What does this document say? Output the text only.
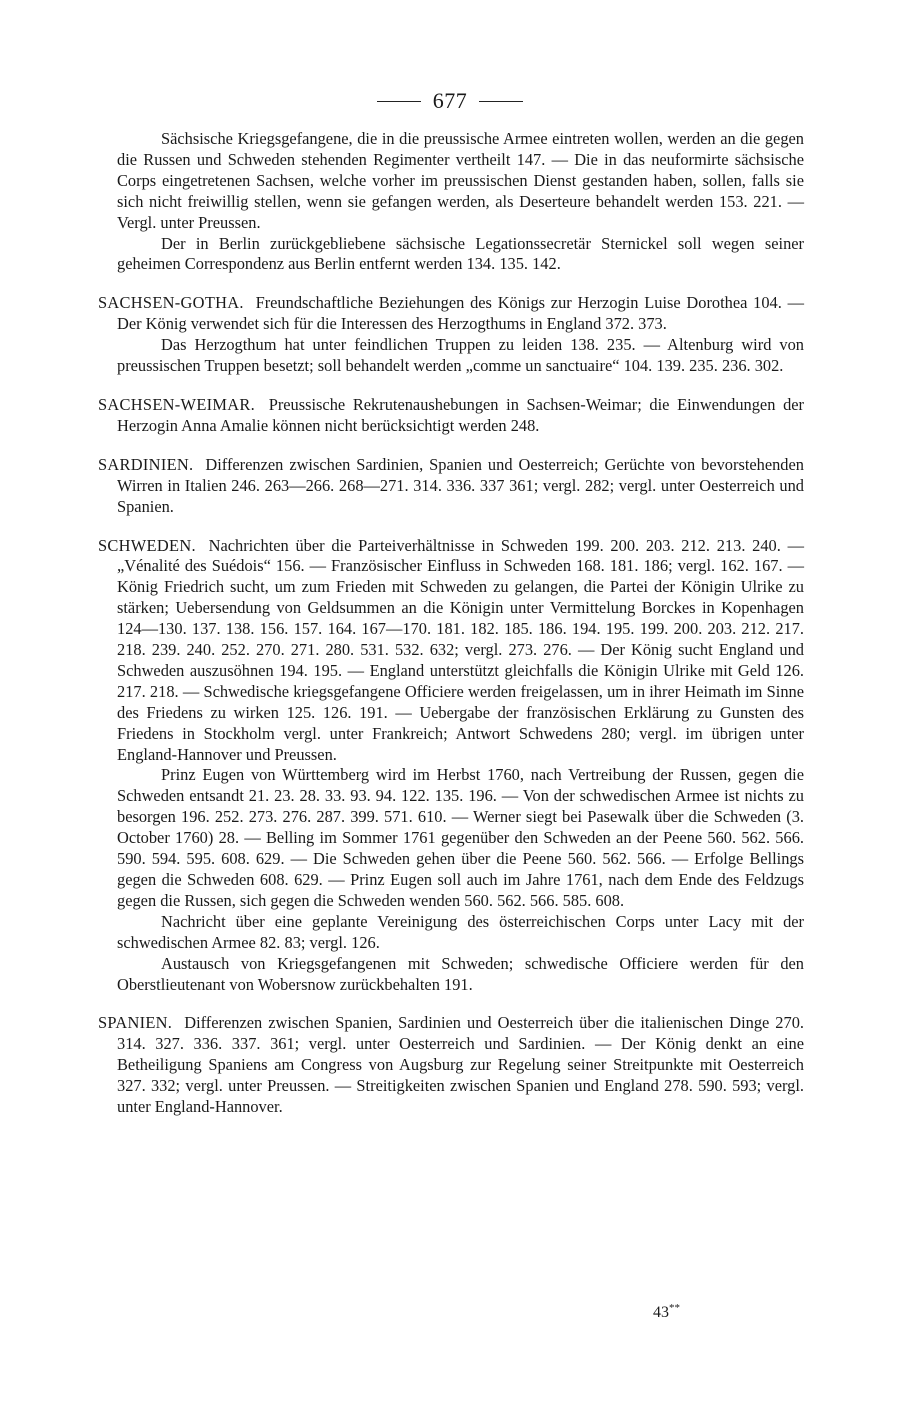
677

Sächsische Kriegsgefangene, die in die preussische Armee eintreten wollen, werden an die gegen die Russen und Schweden stehenden Regimenter vertheilt 147. — Die in das neuformirte sächsische Corps eingetretenen Sachsen, welche vorher im preussischen Dienst gestanden haben, sollen, falls sie sich nicht freiwillig stellen, wenn sie gefangen werden, als Deserteure behandelt werden 153. 221. — Vergl. unter Preussen.

Der in Berlin zurückgebliebene sächsische Legationssecretär Sternickel soll wegen seiner geheimen Correspondenz aus Berlin entfernt werden 134. 135. 142.

SACHSEN-GOTHA. Freundschaftliche Beziehungen des Königs zur Herzogin Luise Dorothea 104. — Der König verwendet sich für die Interessen des Herzogthums in England 372. 373.

Das Herzogthum hat unter feindlichen Truppen zu leiden 138. 235. — Altenburg wird von preussischen Truppen besetzt; soll behandelt werden „comme un sanctuaire“ 104. 139. 235. 236. 302.

SACHSEN-WEIMAR. Preussische Rekrutenaushebungen in Sachsen-Weimar; die Einwendungen der Herzogin Anna Amalie können nicht berücksichtigt werden 248.

SARDINIEN. Differenzen zwischen Sardinien, Spanien und Oesterreich; Gerüchte von bevorstehenden Wirren in Italien 246. 263—266. 268—271. 314. 336. 337 361; vergl. 282; vergl. unter Oesterreich und Spanien.

SCHWEDEN. Nachrichten über die Parteiverhältnisse in Schweden 199. 200. 203. 212. 213. 240. — „Vénalité des Suédois“ 156. — Französischer Einfluss in Schweden 168. 181. 186; vergl. 162. 167. — König Friedrich sucht, um zum Frieden mit Schweden zu gelangen, die Partei der Königin Ulrike zu stärken; Uebersendung von Geldsummen an die Königin unter Vermittelung Borckes in Kopenhagen 124—130. 137. 138. 156. 157. 164. 167—170. 181. 182. 185. 186. 194. 195. 199. 200. 203. 212. 217. 218. 239. 240. 252. 270. 271. 280. 531. 532. 632; vergl. 273. 276. — Der König sucht England und Schweden auszusöhnen 194. 195. — England unterstützt gleichfalls die Königin Ulrike mit Geld 126. 217. 218. — Schwedische kriegsgefangene Officiere werden freigelassen, um in ihrer Heimath im Sinne des Friedens zu wirken 125. 126. 191. — Uebergabe der französischen Erklärung zu Gunsten des Friedens in Stockholm vergl. unter Frankreich; Antwort Schwedens 280; vergl. im übrigen unter England-Hannover und Preussen.

Prinz Eugen von Württemberg wird im Herbst 1760, nach Vertreibung der Russen, gegen die Schweden entsandt 21. 23. 28. 33. 93. 94. 122. 135. 196. — Von der schwedischen Armee ist nichts zu besorgen 196. 252. 273. 276. 287. 399. 571. 610. — Werner siegt bei Pasewalk über die Schweden (3. October 1760) 28. — Belling im Sommer 1761 gegenüber den Schweden an der Peene 560. 562. 566. 590. 594. 595. 608. 629. — Die Schweden gehen über die Peene 560. 562. 566. — Erfolge Bellings gegen die Schweden 608. 629. — Prinz Eugen soll auch im Jahre 1761, nach dem Ende des Feldzugs gegen die Russen, sich gegen die Schweden wenden 560. 562. 566. 585. 608.

Nachricht über eine geplante Vereinigung des österreichischen Corps unter Lacy mit der schwedischen Armee 82. 83; vergl. 126.

Austausch von Kriegsgefangenen mit Schweden; schwedische Officiere werden für den Oberstlieutenant von Wobersnow zurückbehalten 191.

SPANIEN. Differenzen zwischen Spanien, Sardinien und Oesterreich über die italienischen Dinge 270. 314. 327. 336. 337. 361; vergl. unter Oesterreich und Sardinien. — Der König denkt an eine Betheiligung Spaniens am Congress von Augsburg zur Regelung seiner Streitpunkte mit Oesterreich 327. 332; vergl. unter Preussen. — Streitigkeiten zwischen Spanien und England 278. 590. 593; vergl. unter England-Hannover.

43**
